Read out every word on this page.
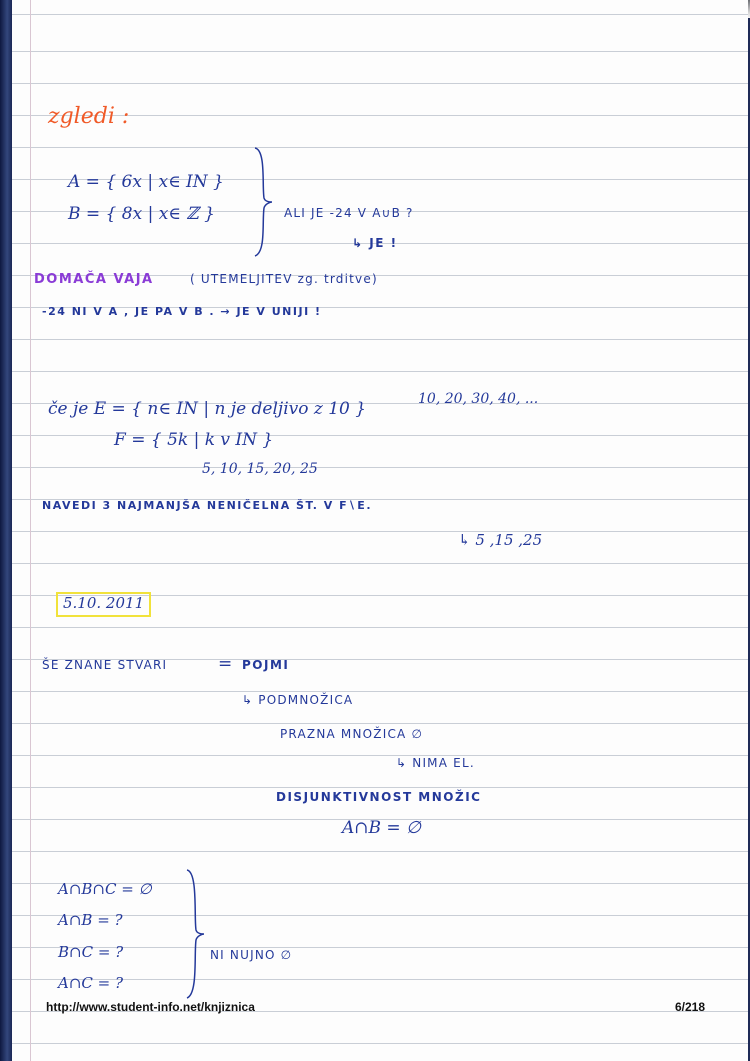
zgledi :
A = { 6x | x∈ IN }
B = { 8x | x∈ ℤ }	ALI JE -24 V A∪B ?
↳ JE !
DOMAČA VAJA	( UTEMELJITEV zg. trditve)
-24 NI V A , JE PA V B . → JE V UNIJI !
če je E = { n∈ IN | n je deljivo z 10 }	10, 20, 30, 40, ...
F = { 5k | k v IN }
5, 10, 15, 20, 25
NAVEDI 3 NAJMANJŠA NENIČELNA ŠT. V F∖E.
↳ 5 ,15 ,25
5.10. 2011
ŠE ZNANE STVARI	= POJMI
↳ PODMNOŽICA
PRAZNA MNOŽICA ∅
↳ NIMA EL.
DISJUNKTIVNOST MNOŽIC
A∩B = ∅
A∩B∩C = ∅
A∩B = ?
B∩C = ?
A∩C = ?
NI NUJNO ∅
http://www.student-info.net/knjiznica	6/218
